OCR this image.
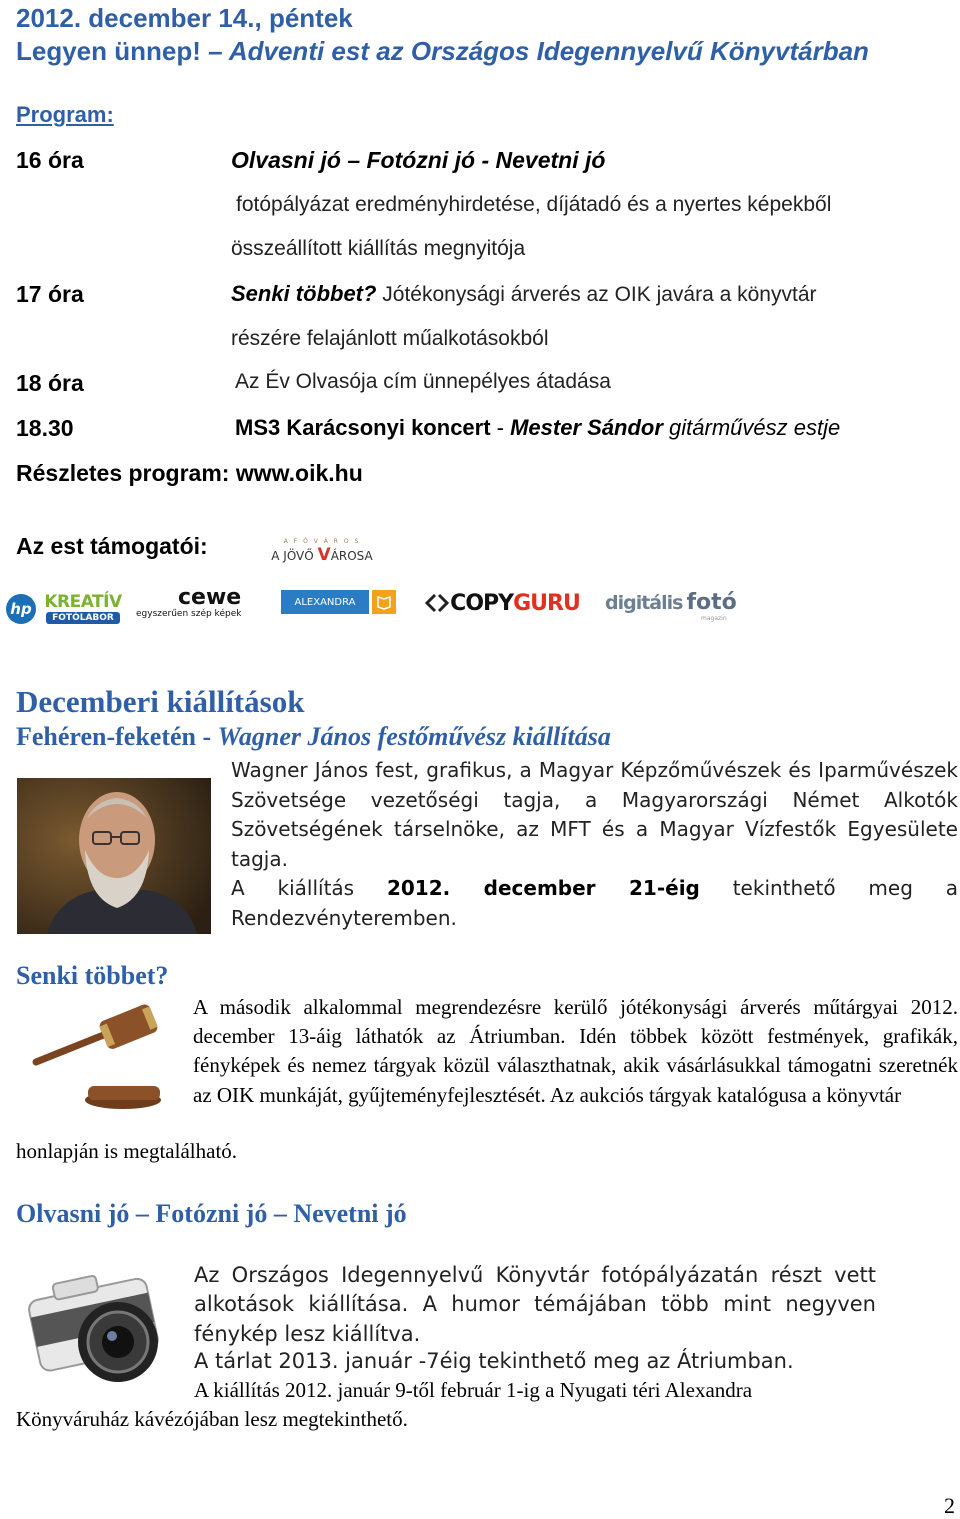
2012. december 14., péntek
Legyen ünnep! – Adventi est az Országos Idegennyelvű Könyvtárban
Program:
16 óra	Olvasni jó – Fotózni jó - Nevetni jó
fotópályázat eredményhirdetése, díjátadó és a nyertes képekből
összeállított kiállítás megnyitója
17 óra	Senki többet? Jótékonysági árverés az OIK javára a könyvtár
részére felajánlott műalkotásokból
18 óra	Az Év Olvasója cím ünnepélyes átadása
18.30	MS3 Karácsonyi koncert - Mester Sándor gitárművész estje
Részletes program: www.oik.hu
Az est támogatói:	A F Ő V Á R O S
A JÖVŐ VÁROSA
hp KREATÍV
FOTÓLABOR
cewe
egyszerűen szép képek
ALEXANDRA	COPY GURU digitális fotó
magazin
Decemberi kiállítások
Fehéren-feketén - Wagner János festőművész kiállítása

Wagner János fest, grafikus, a Magyar Képzőművészek és Iparművészek Szövetsége vezetőségi tagja, a Magyarországi Német Alkotók Szövetségének társelnöke, az MFT és a Magyar Vízfestők Egyesülete tagja.

A kiállítás 2012. december 21-éig tekinthető meg a Rendezvényteremben.

Senki többet?
A második alkalommal megrendezésre kerülő jótékonysági árverés műtárgyai 2012. december 13-áig láthatók az Átriumban. Idén többek között festmények, grafikák, fényképek és nemez tárgyak közül választhatnak, akik vásárlásukkal támogatni szeretnék az OIK munkáját, gyűjteményfejlesztését. Az aukciós tárgyak katalógusa a könyvtár
honlapján is megtalálható.
Olvasni jó – Fotózni jó – Nevetni jó
Az Országos Idegennyelvű Könyvtár fotópályázatán részt vett alkotások kiállítása. A humor témájában több mint negyven fénykép lesz kiállítva.
A tárlat 2013. január -7éig tekinthető meg az Átriumban.
A kiállítás 2012. január 9-től február 1-ig a Nyugati téri Alexandra
Könyváruház kávézójában lesz megtekinthető.
2
